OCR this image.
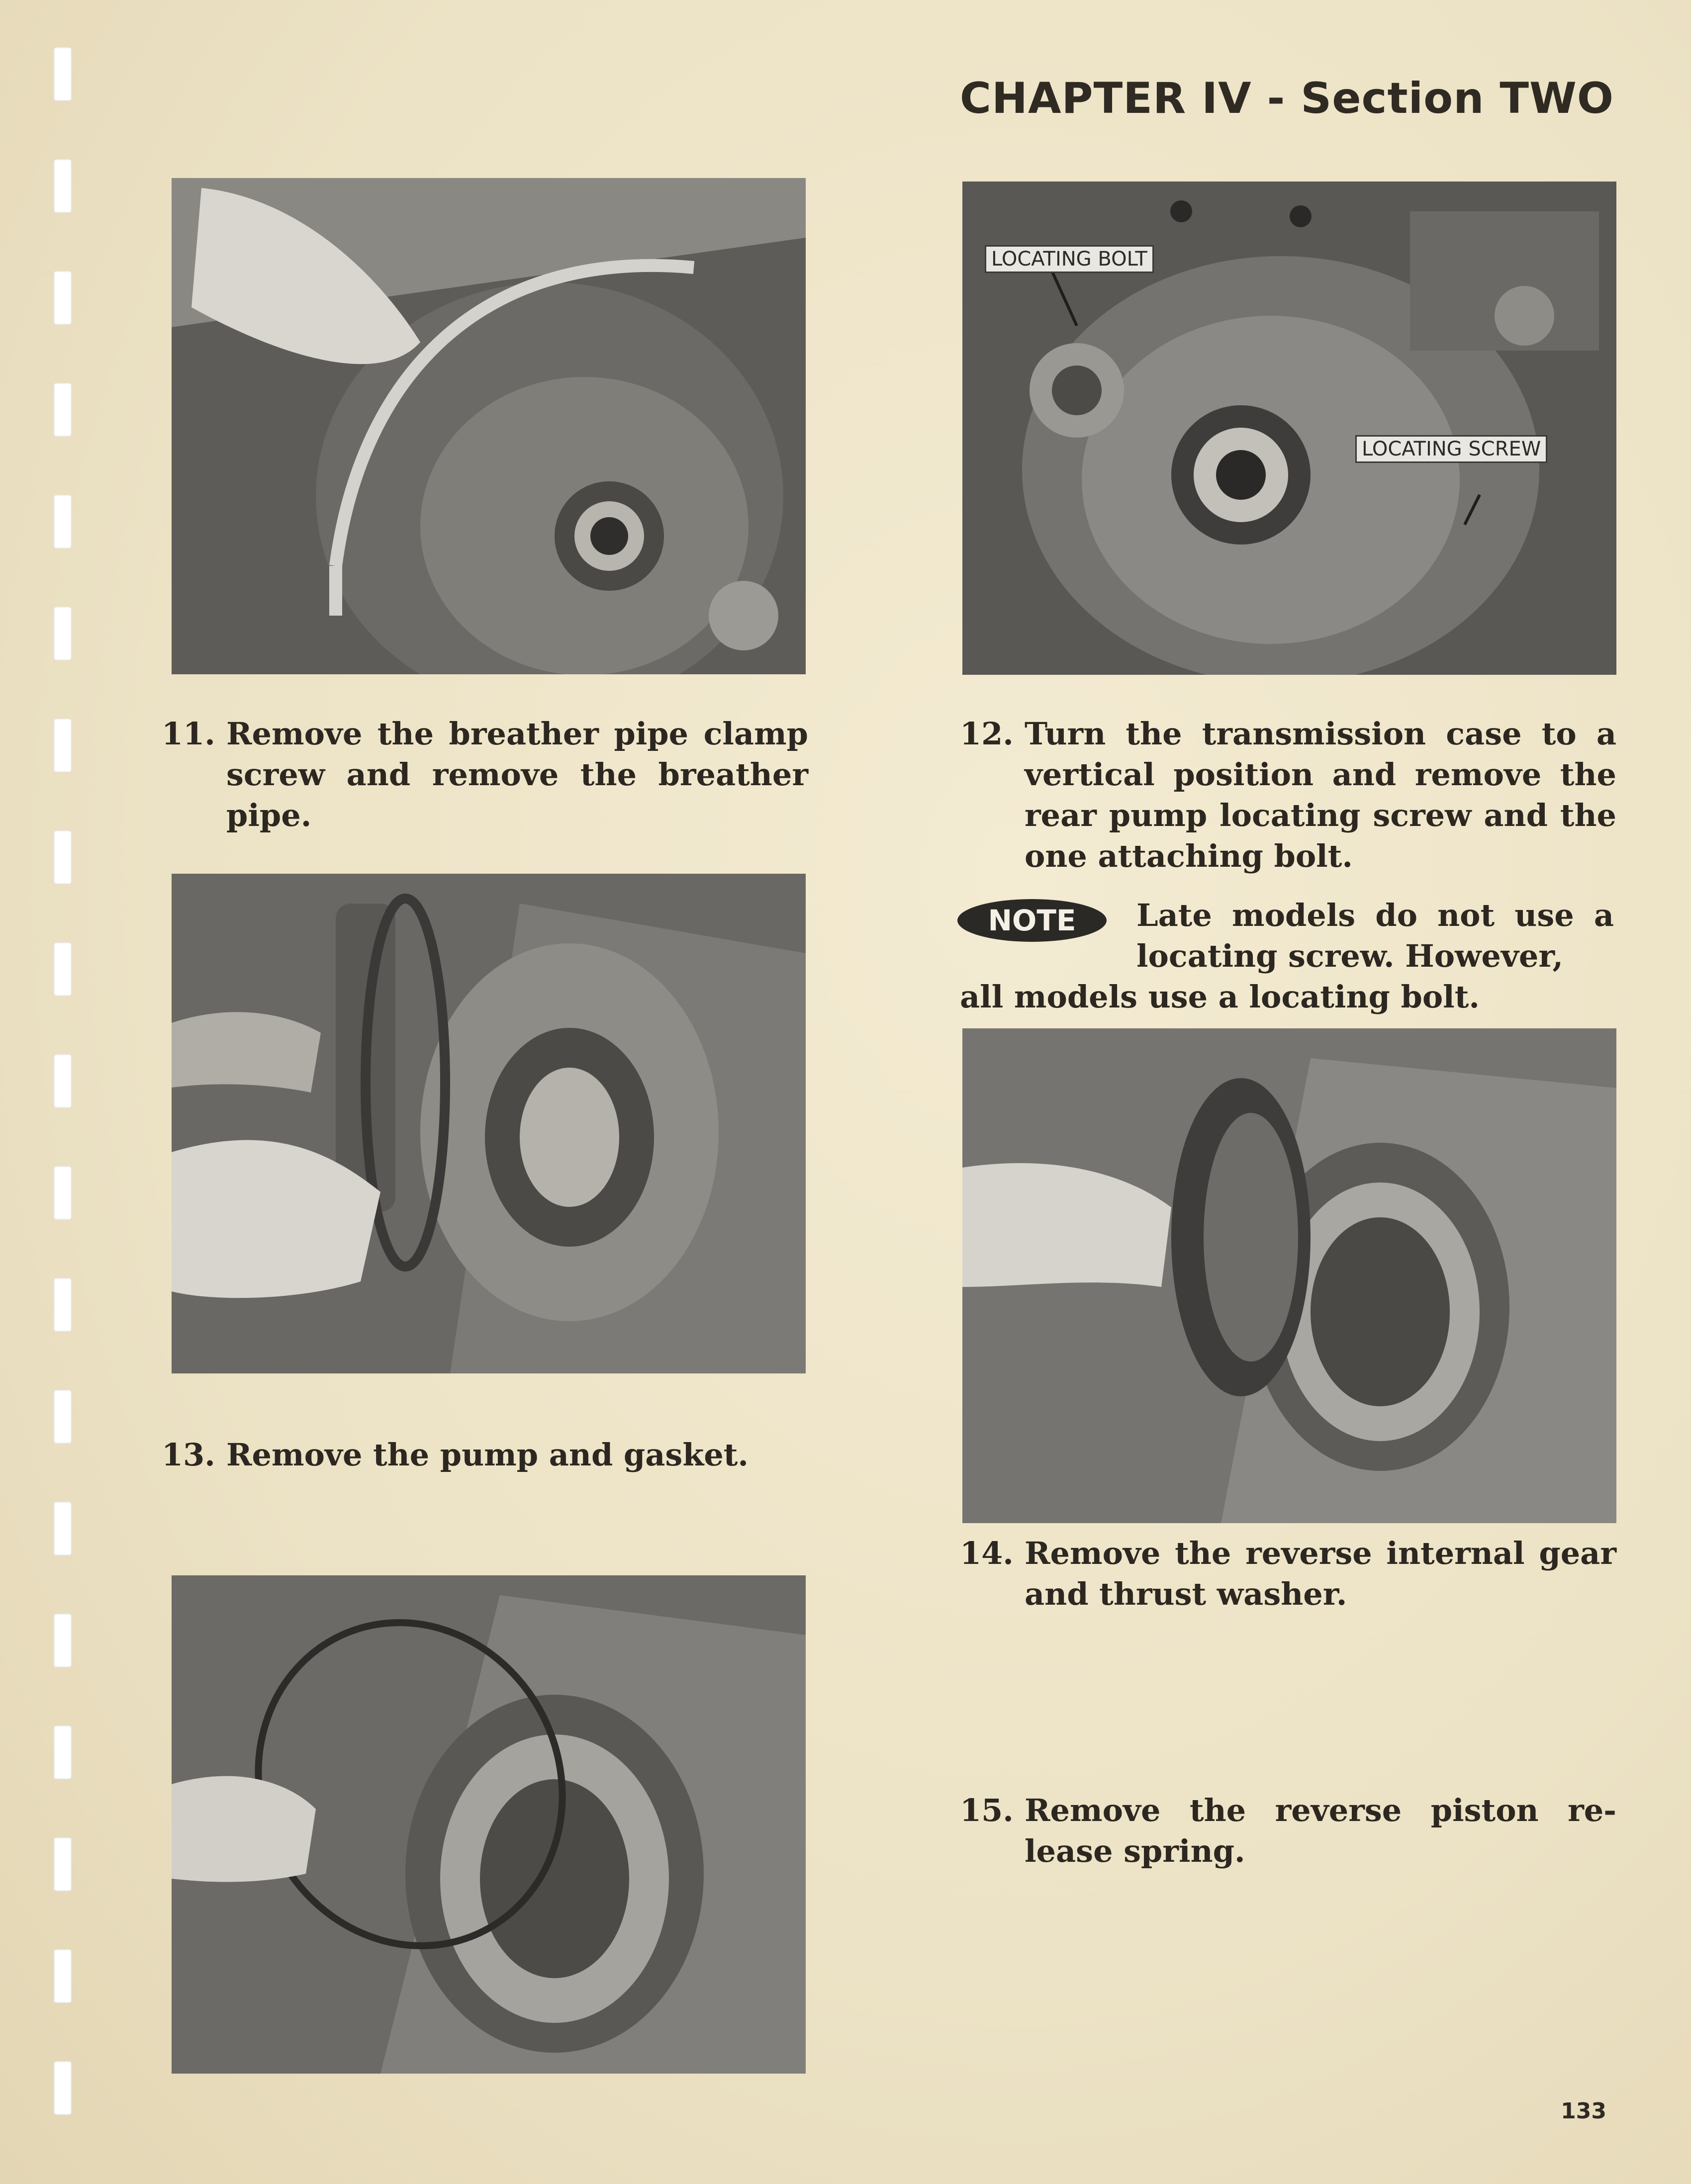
CHAPTER IV - Section TWO
LOCATING BOLT
LOCATING SCREW
11. Remove the breather pipe clamp screw and remove the breather pipe.
12. Turn the transmission case to a vertical position and remove the rear pump locating screw and the one attaching bolt.
NOTE	Late models do not use a locating screw. However,
all models use a locating bolt.
13. Remove the pump and gasket.
14. Remove the reverse internal gear and thrust washer.
15. Remove the reverse piston re-lease spring.
133
